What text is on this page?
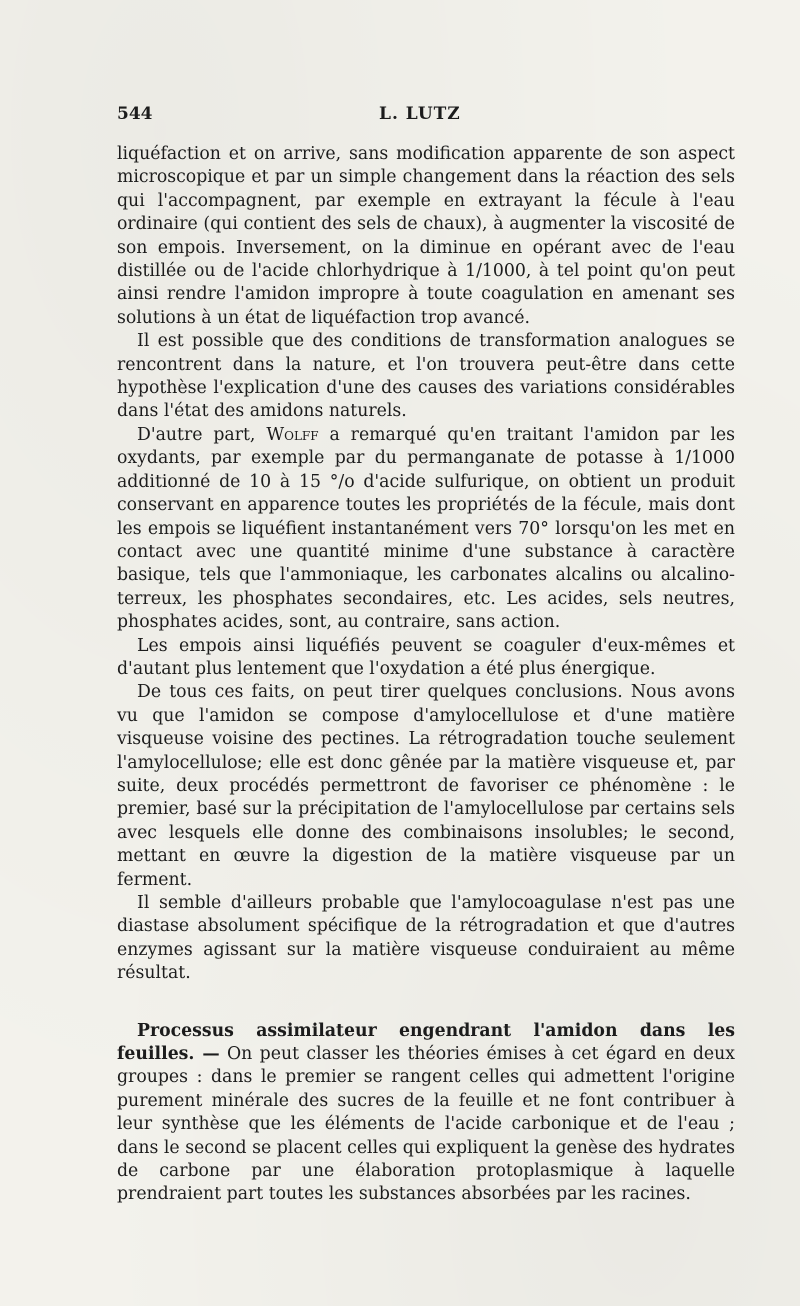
544	L. LUTZ

liquéfaction et on arrive, sans modification apparente de son aspect microscopique et par un simple changement dans la réaction des sels qui l'accompagnent, par exemple en extrayant la fécule à l'eau ordinaire (qui contient des sels de chaux), à augmenter la viscosité de son empois. Inversement, on la diminue en opérant avec de l'eau distillée ou de l'acide chlorhydrique à 1/1000, à tel point qu'on peut ainsi rendre l'amidon impropre à toute coagulation en amenant ses solutions à un état de liquéfaction trop avancé.

Il est possible que des conditions de transformation analogues se rencontrent dans la nature, et l'on trouvera peut-être dans cette hypothèse l'explication d'une des causes des variations considérables dans l'état des amidons naturels.

D'autre part, Wolff a remarqué qu'en traitant l'amidon par les oxydants, par exemple par du permanganate de potasse à 1/1000 additionné de 10 à 15 °/o d'acide sulfurique, on obtient un produit conservant en apparence toutes les propriétés de la fécule, mais dont les empois se liquéfient instantanément vers 70° lorsqu'on les met en contact avec une quantité minime d'une substance à caractère basique, tels que l'ammoniaque, les carbonates alcalins ou alcalino-terreux, les phosphates secondaires, etc. Les acides, sels neutres, phosphates acides, sont, au contraire, sans action.

Les empois ainsi liquéfiés peuvent se coaguler d'eux-mêmes et d'autant plus lentement que l'oxydation a été plus énergique.

De tous ces faits, on peut tirer quelques conclusions. Nous avons vu que l'amidon se compose d'amylocellulose et d'une matière visqueuse voisine des pectines. La rétrogradation touche seulement l'amylocellulose; elle est donc gênée par la matière visqueuse et, par suite, deux procédés permettront de favoriser ce phénomène : le premier, basé sur la précipitation de l'amylocellulose par certains sels avec lesquels elle donne des combinaisons insolubles; le second, mettant en œuvre la digestion de la matière visqueuse par un ferment.

Il semble d'ailleurs probable que l'amylocoagulase n'est pas une diastase absolument spécifique de la rétrogradation et que d'autres enzymes agissant sur la matière visqueuse conduiraient au même résultat.

Processus assimilateur engendrant l'amidon dans les feuilles. — On peut classer les théories émises à cet égard en deux groupes : dans le premier se rangent celles qui admettent l'origine purement minérale des sucres de la feuille et ne font contribuer à leur synthèse que les éléments de l'acide carbonique et de l'eau ; dans le second se placent celles qui expliquent la genèse des hydrates de carbone par une élaboration protoplasmique à laquelle prendraient part toutes les substances absorbées par les racines.
